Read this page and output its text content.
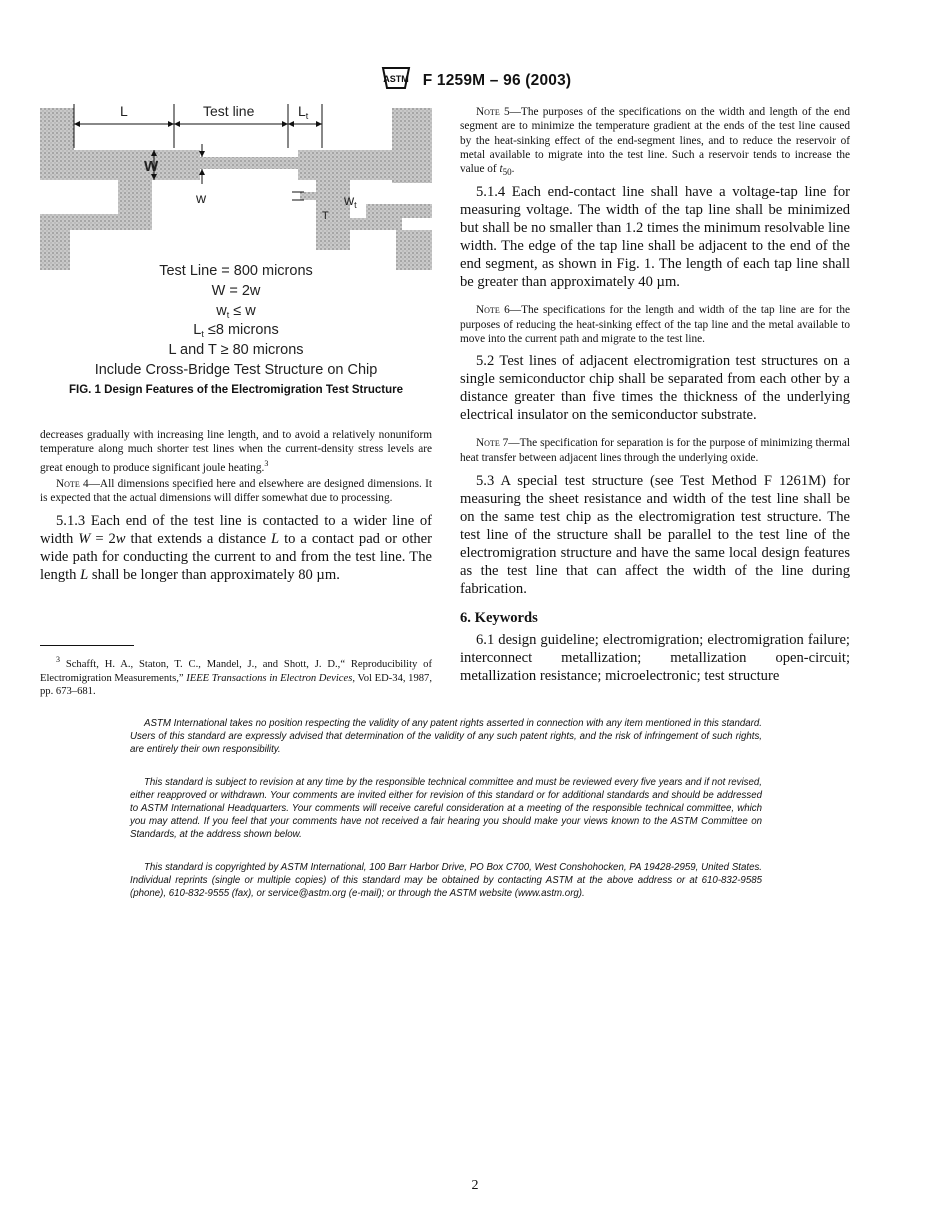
ASTM F 1259M – 96 (2003)
L	Test line	$L_t$
W
w	$w_t$
T
Test Line = 800 microns
W = 2w
$w_t \le w$
$L_t \le 8$ microns
L and T ≥ 80 microns
Include Cross-Bridge Test Structure on Chip
FIG. 1 Design Features of the Electromigration Test Structure

decreases gradually with increasing line length, and to avoid a relatively nonuniform temperature along much shorter test lines when the current-density stress levels are great enough to produce significant joule heating.$^3$

Note 4—All dimensions specified here and elsewhere are designed dimensions. It is expected that the actual dimensions will differ somewhat due to processing.

5.1.3 Each end of the test line is contacted to a wider line of width W = 2w that extends a distance L to a contact pad or other wide path for conducting the current to and from the test line. The length L shall be longer than approximately 80 µm.

$^3$ Schafft, H. A., Staton, T. C., Mandel, J., and Shott, J. D.,“ Reproducibility of Electromigration Measurements,” IEEE Transactions in Electron Devices, Vol ED-34, 1987, pp. 673–681.

Note 5—The purposes of the specifications on the width and length of the end segment are to minimize the temperature gradient at the ends of the test line caused by the heat-sinking effect of the end-segment lines, and to reduce the reservoir of metal available to migrate into the test line. Such a reservoir tends to increase the value of $t_{50}$.

5.1.4 Each end-contact line shall have a voltage-tap line for measuring voltage. The width of the tap line shall be minimized but shall be no smaller than 1.2 times the minimum resolvable line width. The edge of the tap line shall be adjacent to the end of the end segment, as shown in Fig. 1. The length of each tap line shall be greater than approximately 40 µm.

Note 6—The specifications for the length and width of the tap line are for the purposes of reducing the heat-sinking effect of the tap line and the metal available to move into the current path and migrate to the test line.

5.2 Test lines of adjacent electromigration test structures on a single semiconductor chip shall be separated from each other by a distance greater than five times the thickness of the underlying electrical insulator on the semiconductor substrate.

Note 7—The specification for separation is for the purpose of minimizing thermal heat transfer between adjacent lines through the underlying oxide.

5.3 A special test structure (see Test Method F 1261M) for measuring the sheet resistance and width of the test line shall be on the same test chip as the electromigration test structure. The test line of the structure shall be parallel to the test line of the electromigration structure and have the same local design features as the test line that can affect the width of the line during fabrication.

6. Keywords

6.1 design guideline; electromigration; electromigration failure; interconnect metallization; metallization open-circuit; metallization resistance; microelectronic; test structure

ASTM International takes no position respecting the validity of any patent rights asserted in connection with any item mentioned in this standard. Users of this standard are expressly advised that determination of the validity of any such patent rights, and the risk of infringement of such rights, are entirely their own responsibility.

This standard is subject to revision at any time by the responsible technical committee and must be reviewed every five years and if not revised, either reapproved or withdrawn. Your comments are invited either for revision of this standard or for additional standards and should be addressed to ASTM International Headquarters. Your comments will receive careful consideration at a meeting of the responsible technical committee, which you may attend. If you feel that your comments have not received a fair hearing you should make your views known to the ASTM Committee on Standards, at the address shown below.

This standard is copyrighted by ASTM International, 100 Barr Harbor Drive, PO Box C700, West Conshohocken, PA 19428-2959, United States. Individual reprints (single or multiple copies) of this standard may be obtained by contacting ASTM at the above address or at 610-832-9585 (phone), 610-832-9555 (fax), or service@astm.org (e-mail); or through the ASTM website (www.astm.org).

2
